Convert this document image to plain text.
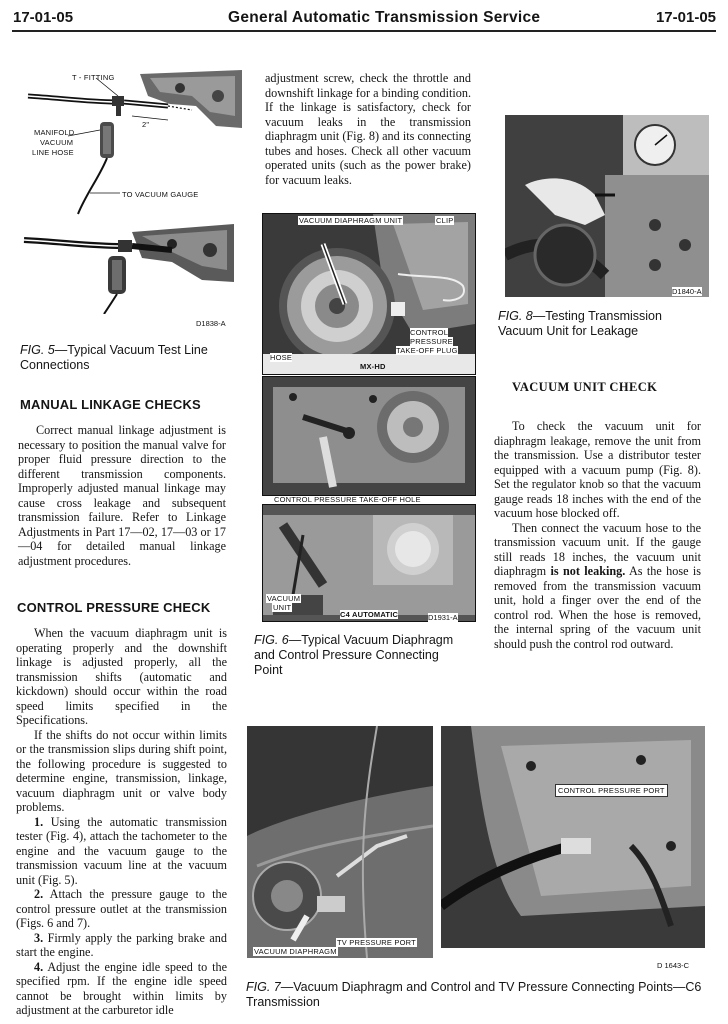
17-01-05	General Automatic Transmission Service	17-01-05
T - FITTING
2"
MANIFOLD
VACUUM
LINE HOSE
TO VACUUM GAUGE
D1838-A
FIG. 5—Typical Vacuum Test Line Connections
MANUAL LINKAGE CHECKS

Correct manual linkage adjustment is necessary to position the manual valve for proper fluid pressure direction to the different transmission components. Improperly adjusted manual linkage may cause cross leakage and subsequent transmission failure. Refer to Linkage Adjustments in Part 17—02, 17—03 or 17—04 for detailed manual linkage adjustment procedures.

CONTROL PRESSURE CHECK

When the vacuum diaphragm unit is operating properly and the downshift linkage is adjusted properly, all the transmission shifts (automatic and kickdown) should occur within the road speed limits specified in the Specifications.

If the shifts do not occur within limits or the transmission slips during shift point, the following procedure is suggested to determine engine, transmission, linkage, vacuum diaphragm unit or valve body problems.

1. Using the automatic transmission tester (Fig. 4), attach the tachometer to the engine and the vacuum gauge to the transmission vacuum line at the vacuum unit (Fig. 5).

2. Attach the pressure gauge to the control pressure outlet at the transmission (Figs. 6 and 7).

3. Firmly apply the parking brake and start the engine.

4. Adjust the engine idle speed to the specified rpm. If the engine idle speed cannot be brought within limits by adjustment at the carburetor idle

adjustment screw, check the throttle and downshift linkage for a binding condition. If the linkage is satisfactory, check for vacuum leaks in the transmission diaphragm unit (Fig. 8) and its connecting tubes and hoses. Check all other vacuum operated units (such as the power brake) for vacuum leaks.

VACUUM DIAPHRAGM UNIT	CLIP
CONTROL
PRESSURE
TAKE-OFF PLUG
HOSE
MX-HD
CONTROL PRESSURE TAKE-OFF HOLE
VACUUM
UNIT
C4 AUTOMATIC	D1931-A
FIG. 6—Typical Vacuum Diaphragm and Control Pressure Connecting Point
D1840-A
FIG. 8—Testing Transmission Vacuum Unit for Leakage
VACUUM UNIT CHECK

To check the vacuum unit for diaphragm leakage, remove the unit from the transmission. Use a distributor tester equipped with a vacuum pump (Fig. 8). Set the regulator knob so that the vacuum gauge reads 18 inches with the end of the vacuum hose blocked off.

Then connect the vacuum hose to the transmission vacuum unit. If the gauge still reads 18 inches, the vacuum unit diaphragm is not leaking. As the hose is removed from the transmission vacuum unit, hold a finger over the end of the control rod. When the hose is removed, the internal spring of the vacuum unit should push the control rod outward.

TV PRESSURE PORT
VACUUM DIAPHRAGM
CONTROL PRESSURE PORT
D 1643-C
FIG. 7—Vacuum Diaphragm and Control and TV Pressure Connecting Points—C6 Transmission
